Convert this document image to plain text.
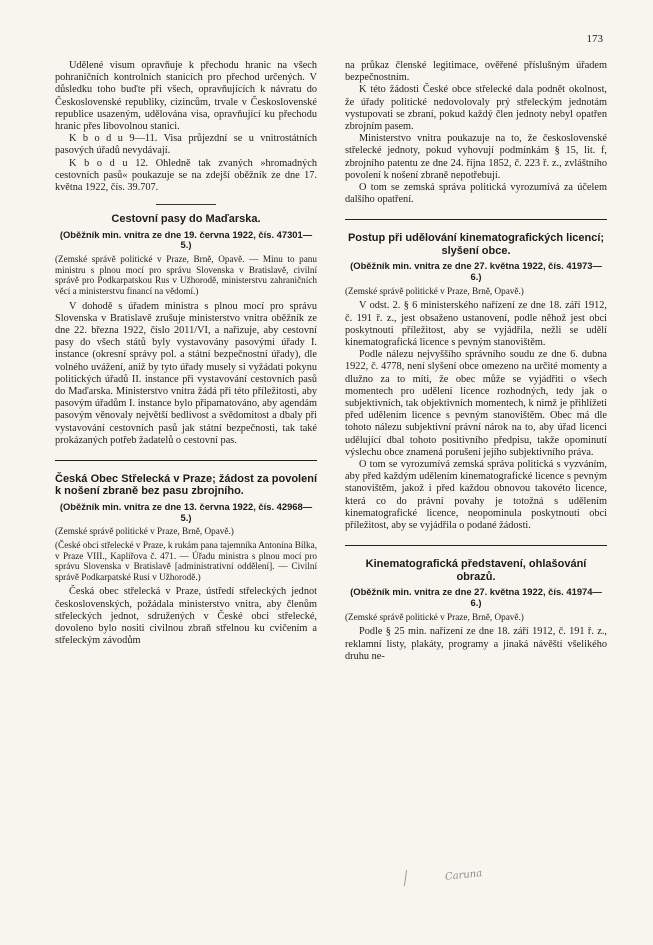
173

Udělené visum opravňuje k přechodu hranic na všech pohraničních kontrolních stanicích pro přechod určených. V důsledku toho buďte při všech, opravňujících k návratu do Československé republiky, cizincům, trvale v Československé republice usazeným, udělována visa, opravňující ku přechodu hranic přes libovolnou stanici.

K b o d u 9—11. Visa průjezdní se u vnitrostátních pasových úřadů nevydávají.

K b o d u 12. Ohledně tak zvaných »hromadných cestovních pasů« poukazuje se na zdejší oběžník ze dne 17. května 1922, čís. 39.707.

Cestovní pasy do Maďarska.
(Oběžník min. vnitra ze dne 19. června 1922, čís. 47301—5.)

(Zemské správě politické v Praze, Brně, Opavě. — Minu to panu ministru s plnou mocí pro správu Slovenska v Bratislavě, civilní správě pro Podkarpatskou Rus v Užhorodě, ministerstvu zahraničních věcí a ministerstvu financí na vědomí.)

V dohodě s úřadem ministra s plnou mocí pro správu Slovenska v Bratislavě zrušuje ministerstvo vnitra oběžník ze dne 22. března 1922, číslo 2011/VI, a nařizuje, aby cestovní pasy do všech států byly vystavovány pasovými úřady I. instance (okresní správy pol. a státní bezpečnostní úřady), dle volného uvážení, aniž by tyto úřady musely si vyžádati pokynu politických úřadů II. instance při vystavování cestovních pasů do Maďarska. Ministerstvo vnitra žádá při této příležitosti, aby pasovým úřadům I. instance bylo připamatováno, aby agendám pasovým věnovaly největší bedlivost a svědomitost a dbaly při vystavování cestovních pasů jak státní bezpečnosti, tak také prokázaných potřeb žadatelů o cestovní pas.

Česká Obec Střelecká v Praze; žádost za povolení k nošení zbraně bez pasu zbrojního.
(Oběžník min. vnitra ze dne 13. června 1922, čís. 42968—5.)

(Zemské správě politické v Praze, Brně, Opavě.)

(České obci střelecké v Praze, k rukám pana tajemníka Antonína Bílka, v Praze VIII., Kaplířova č. 471. — Úřadu ministra s plnou mocí pro správu Slovenska v Bratislavě [administrativní oddělení]. — Civilní správě Podkarpatské Rusi v Užhorodě.)

Česká obec střelecká v Praze, ústředí střeleckých jednot československých, požádala ministerstvo vnitra, aby členům střeleckých jednot, sdružených v České obci střelecké, dovoleno bylo nositi civilnou zbraň střelnou ku cvičením a střeleckým závodům

na průkaz členské legitimace, ověřené příslušným úřadem bezpečnostním.

K této žádosti České obce střelecké dala podnět okolnost, že úřady politické nedovolovaly prý střeleckým jednotám vystupovati se zbraní, pokud každý člen jednoty nebyl opatřen zbrojním pasem.

Ministerstvo vnitra poukazuje na to, že československé střelecké jednoty, pokud vyhovují podmínkám § 15, lit. f, zbrojního patentu ze dne 24. října 1852, č. 223 ř. z., zvláštního povolení k nošení zbraně nepotřebují.

O tom se zemská správa politická vyrozumívá za účelem dalšího opatření.

Postup při udělování kinematografických licencí; slyšení obce.
(Oběžník min. vnitra ze dne 27. května 1922, čís. 41973—6.)

(Zemské správě politické v Praze, Brně, Opavě.)

V odst. 2. § 6 ministerského nařízení ze dne 18. září 1912, č. 191 ř. z., jest obsaženo ustanovení, podle něhož jest obci poskytnouti příležitost, aby se vyjádřila, nežli se udělí kinematografická licence s pevným stanovištěm.

Podle nálezu nejvyššího správního soudu ze dne 6. dubna 1922, č. 4778, není slyšení obce omezeno na určité momenty a dlužno za to míti, že obec může se vyjádřiti o všech momentech pro udělení licence rozhodných, tedy jak o subjektivních, tak objektivních momentech, k nimž je přihlížeti před udělením licence s pevným stanovištěm. Obec má dle tohoto nálezu subjektivní právní nárok na to, aby úřad licenci udělující dbal tohoto positivního předpisu, takže opominutí výslechu obce znamená porušení jejího subjektivního práva.

O tom se vyrozumívá zemská správa politická s vyzváním, aby před každým udělením kinematografické licence s pevným stanovištěm, jakož i před každou obnovou takovéto licence, která co do právní povahy je totožná s udělením kinematografické licence, neopominula poskytnouti obci příležitost, aby se vyjádřila o podané žádosti.

Kinematografická představení, ohlašování obrazů.
(Oběžník min. vnitra ze dne 27. května 1922, čís. 41974—6.)

(Zemské správě politické v Praze, Brně, Opavě.)

Podle § 25 min. nařízení ze dne 18. září 1912, č. 191 ř. z., reklamní listy, plakáty, programy a jinaká návěští všelikého druhu ne-

Caruna
